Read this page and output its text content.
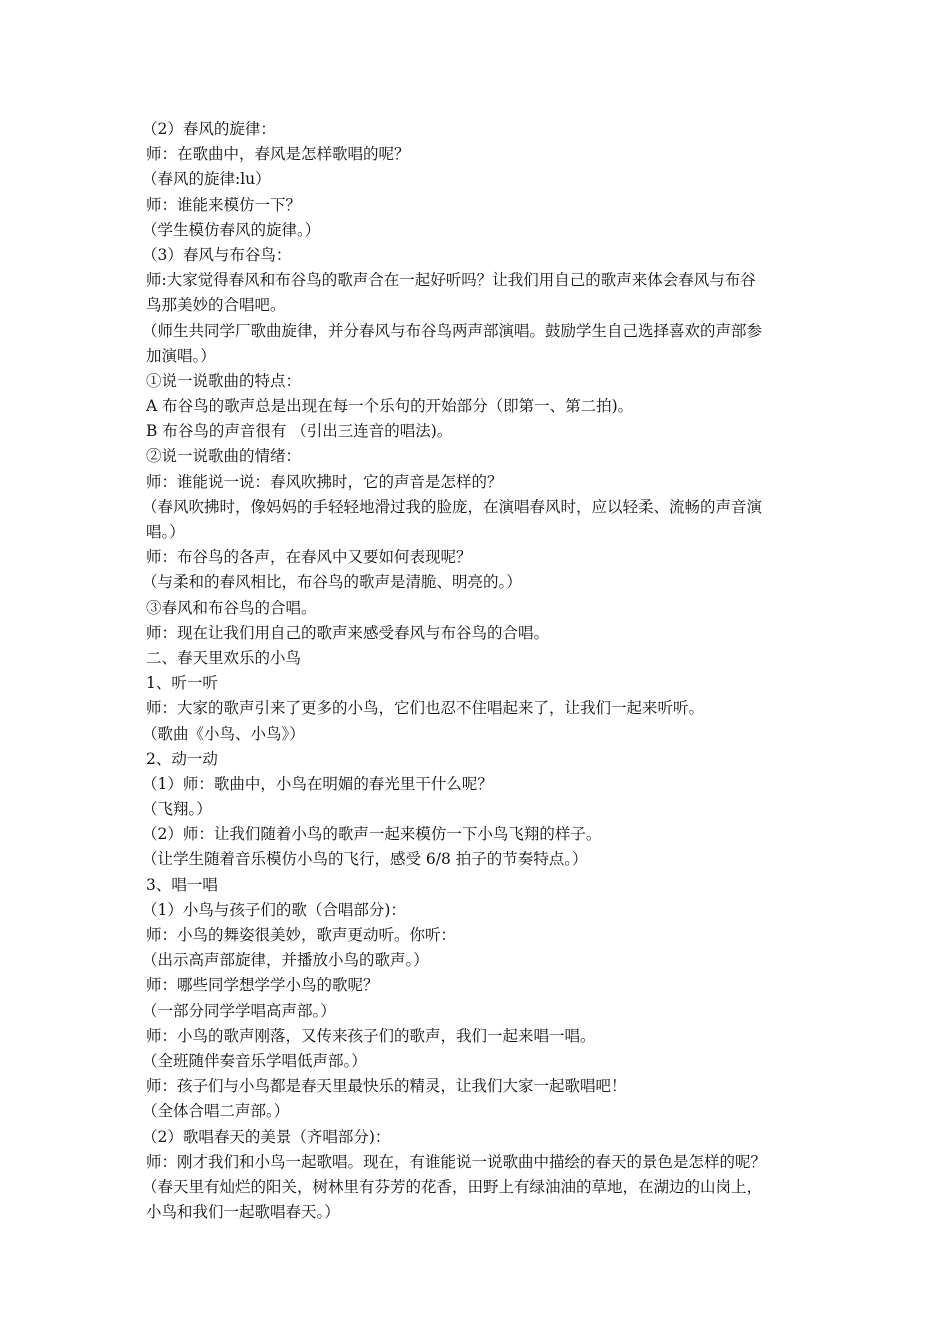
（2）春风的旋律：
师：在歌曲中，春风是怎样歌唱的呢？
（春风的旋律:lu）
师：谁能来模仿一下？
（学生模仿春风的旋律。）
（3）春风与布谷鸟：
师:大家觉得春风和布谷鸟的歌声合在一起好听吗？让我们用自己的歌声来体会春风与布谷
鸟那美妙的合唱吧。
（师生共同学厂歌曲旋律，并分春风与布谷鸟两声部演唱。鼓励学生自己选择喜欢的声部参
加演唱。）
①说一说歌曲的特点：
A 布谷鸟的歌声总是出现在每一个乐句的开始部分（即第一、第二拍)。
B 布谷鸟的声音很有 （引出三连音的唱法)。
②说一说歌曲的情绪：
师：谁能说一说：春风吹拂时，它的声音是怎样的？
（春风吹拂时，像妈妈的手轻轻地滑过我的脸庞，在演唱春风时，应以轻柔、流畅的声音演
唱。）
师：布谷鸟的各声，在春风中又要如何表现呢？
（与柔和的春风相比，布谷鸟的歌声是清脆、明亮的。）
③春风和布谷鸟的合唱。
师：现在让我们用自己的歌声来感受春风与布谷鸟的合唱。
二、春天里欢乐的小鸟
1、听一听
师：大家的歌声引来了更多的小鸟，它们也忍不住唱起来了，让我们一起来听听。
（歌曲《小鸟、小鸟》）
2、动一动
（1）师：歌曲中，小鸟在明媚的春光里干什么呢？
（飞翔。）
（2）师：让我们随着小鸟的歌声一起来模仿一下小鸟飞翔的样子。
（让学生随着音乐模仿小鸟的飞行，感受 6/8 拍子的节奏特点。）
3、唱一唱
（1）小鸟与孩子们的歌（合唱部分)：
师：小鸟的舞姿很美妙，歌声更动听。你听：
（出示高声部旋律，并播放小鸟的歌声。）
师：哪些同学想学学小鸟的歌呢？
（一部分同学学唱高声部。）
师：小鸟的歌声刚落，又传来孩子们的歌声，我们一起来唱一唱。
（全班随伴奏音乐学唱低声部。）
师：孩子们与小鸟都是春天里最快乐的精灵，让我们大家一起歌唱吧！
（全体合唱二声部。）
（2）歌唱春天的美景（齐唱部分)：
师：刚才我们和小鸟一起歌唱。现在，有谁能说一说歌曲中描绘的春天的景色是怎样的呢？
（春天里有灿烂的阳关，树林里有芬芳的花香，田野上有绿油油的草地，在湖边的山岗上，
小鸟和我们一起歌唱春天。）
